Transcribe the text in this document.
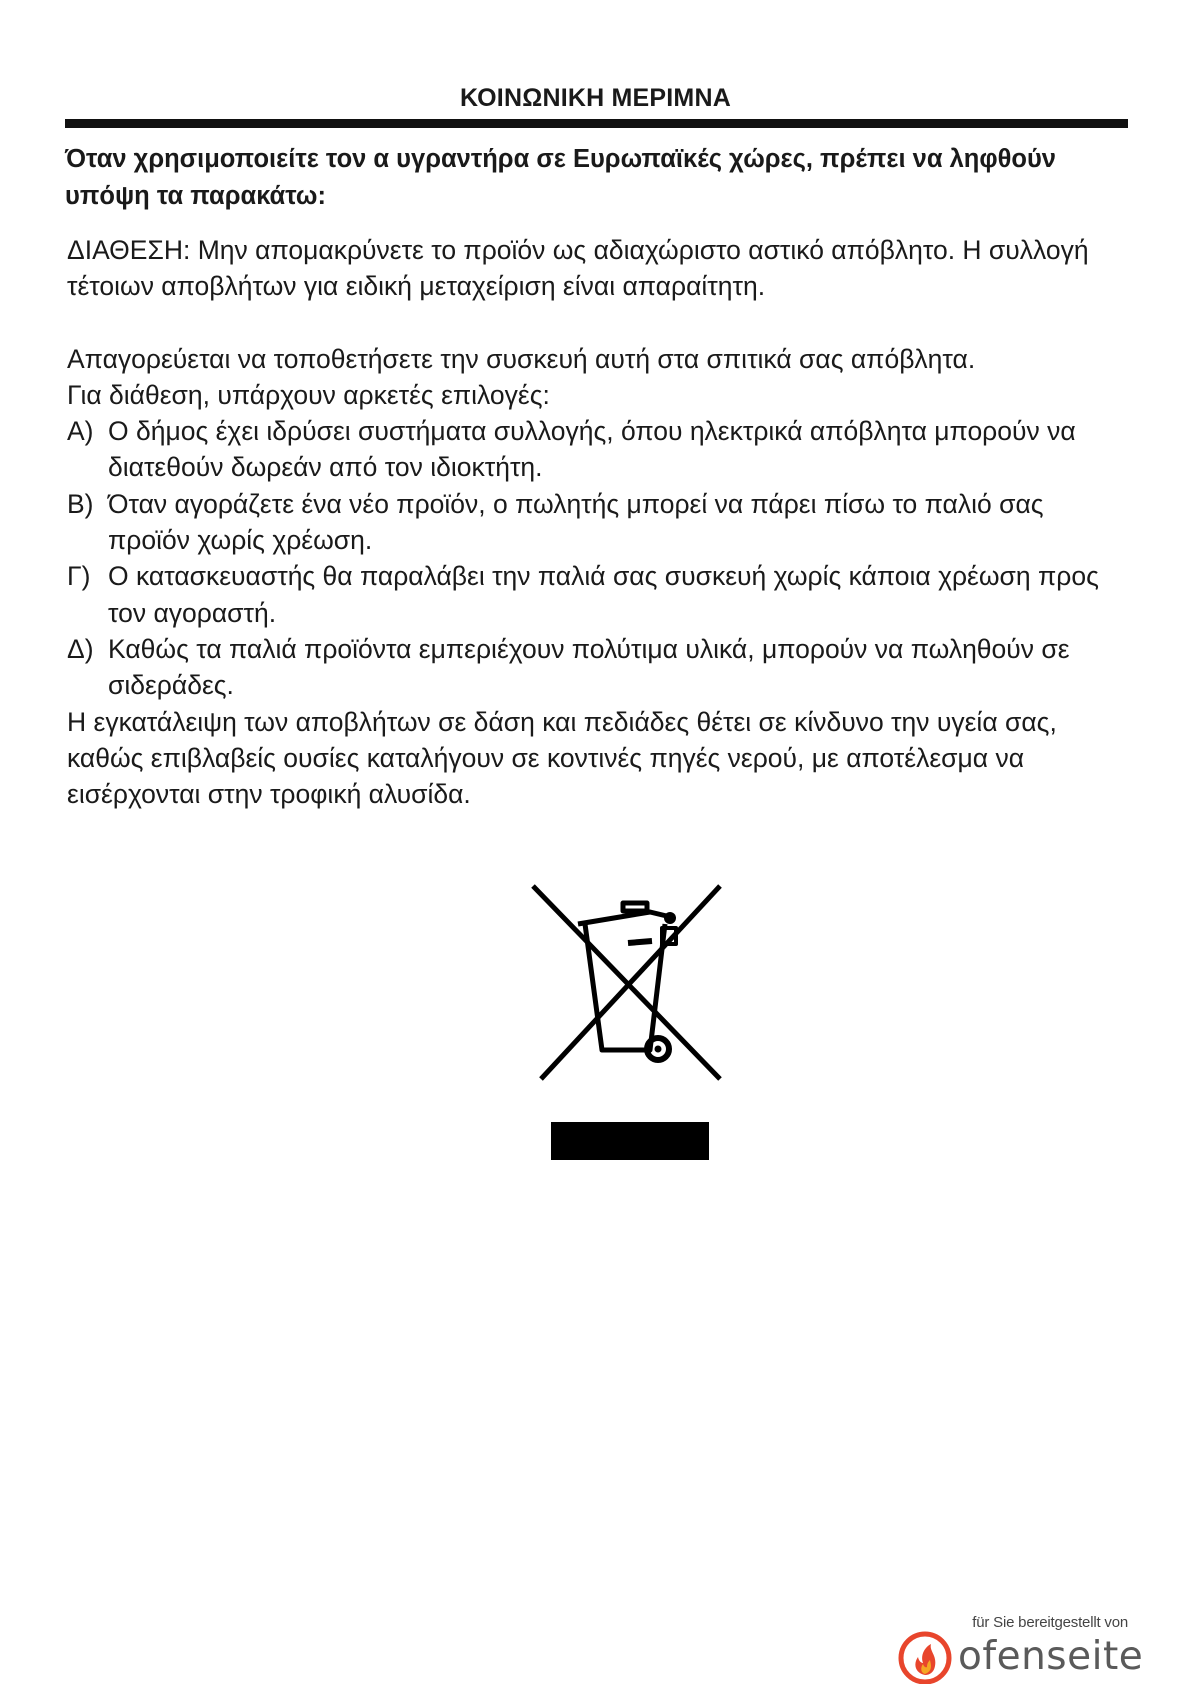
ΚΟΙΝΩΝΙΚΗ ΜΕΡΙΜΝΑ
Όταν χρησιμοποιείτε τον α υγραντήρα σε Ευρωπαϊκές χώρες, πρέπει να ληφθούν υπόψη τα παρακάτω:

ΔΙΑΘΕΣΗ: Μην απομακρύνετε το προϊόν ως αδιαχώριστο αστικό απόβλητο. Η συλλογή τέτοιων αποβλήτων για ειδική μεταχείριση είναι απαραίτητη.

Απαγορεύεται να τοποθετήσετε την συσκευή αυτή στα σπιτικά σας απόβλητα.

Για διάθεση, υπάρχουν αρκετές επιλογές:

A) O δήμος έχει ιδρύσει συστήματα συλλογής, όπου ηλεκτρικά απόβλητα μπορούν να διατεθούν δωρεάν από τον ιδιοκτήτη.
B) Όταν αγοράζετε ένα νέο προϊόν, ο πωλητής μπορεί να πάρει πίσω το παλιό σας προϊόν χωρίς χρέωση.
Γ) O κατασκευαστής θα παραλάβει την παλιά σας συσκευή χωρίς κάποια χρέωση προς τον αγοραστή.
Δ) Καθώς τα παλιά προϊόντα εμπεριέχουν πολύτιμα υλικά, μπορούν να πωληθούν σε σιδεράδες.

Η εγκατάλειψη των αποβλήτων σε δάση και πεδιάδες θέτει σε κίνδυνο την υγεία σας, καθώς επιβλαβείς ουσίες καταλήγουν σε κοντινές πηγές νερού, με αποτέλεσμα να εισέρχονται στην τροφική αλυσίδα.

für Sie bereitgestellt von
ofenseite
